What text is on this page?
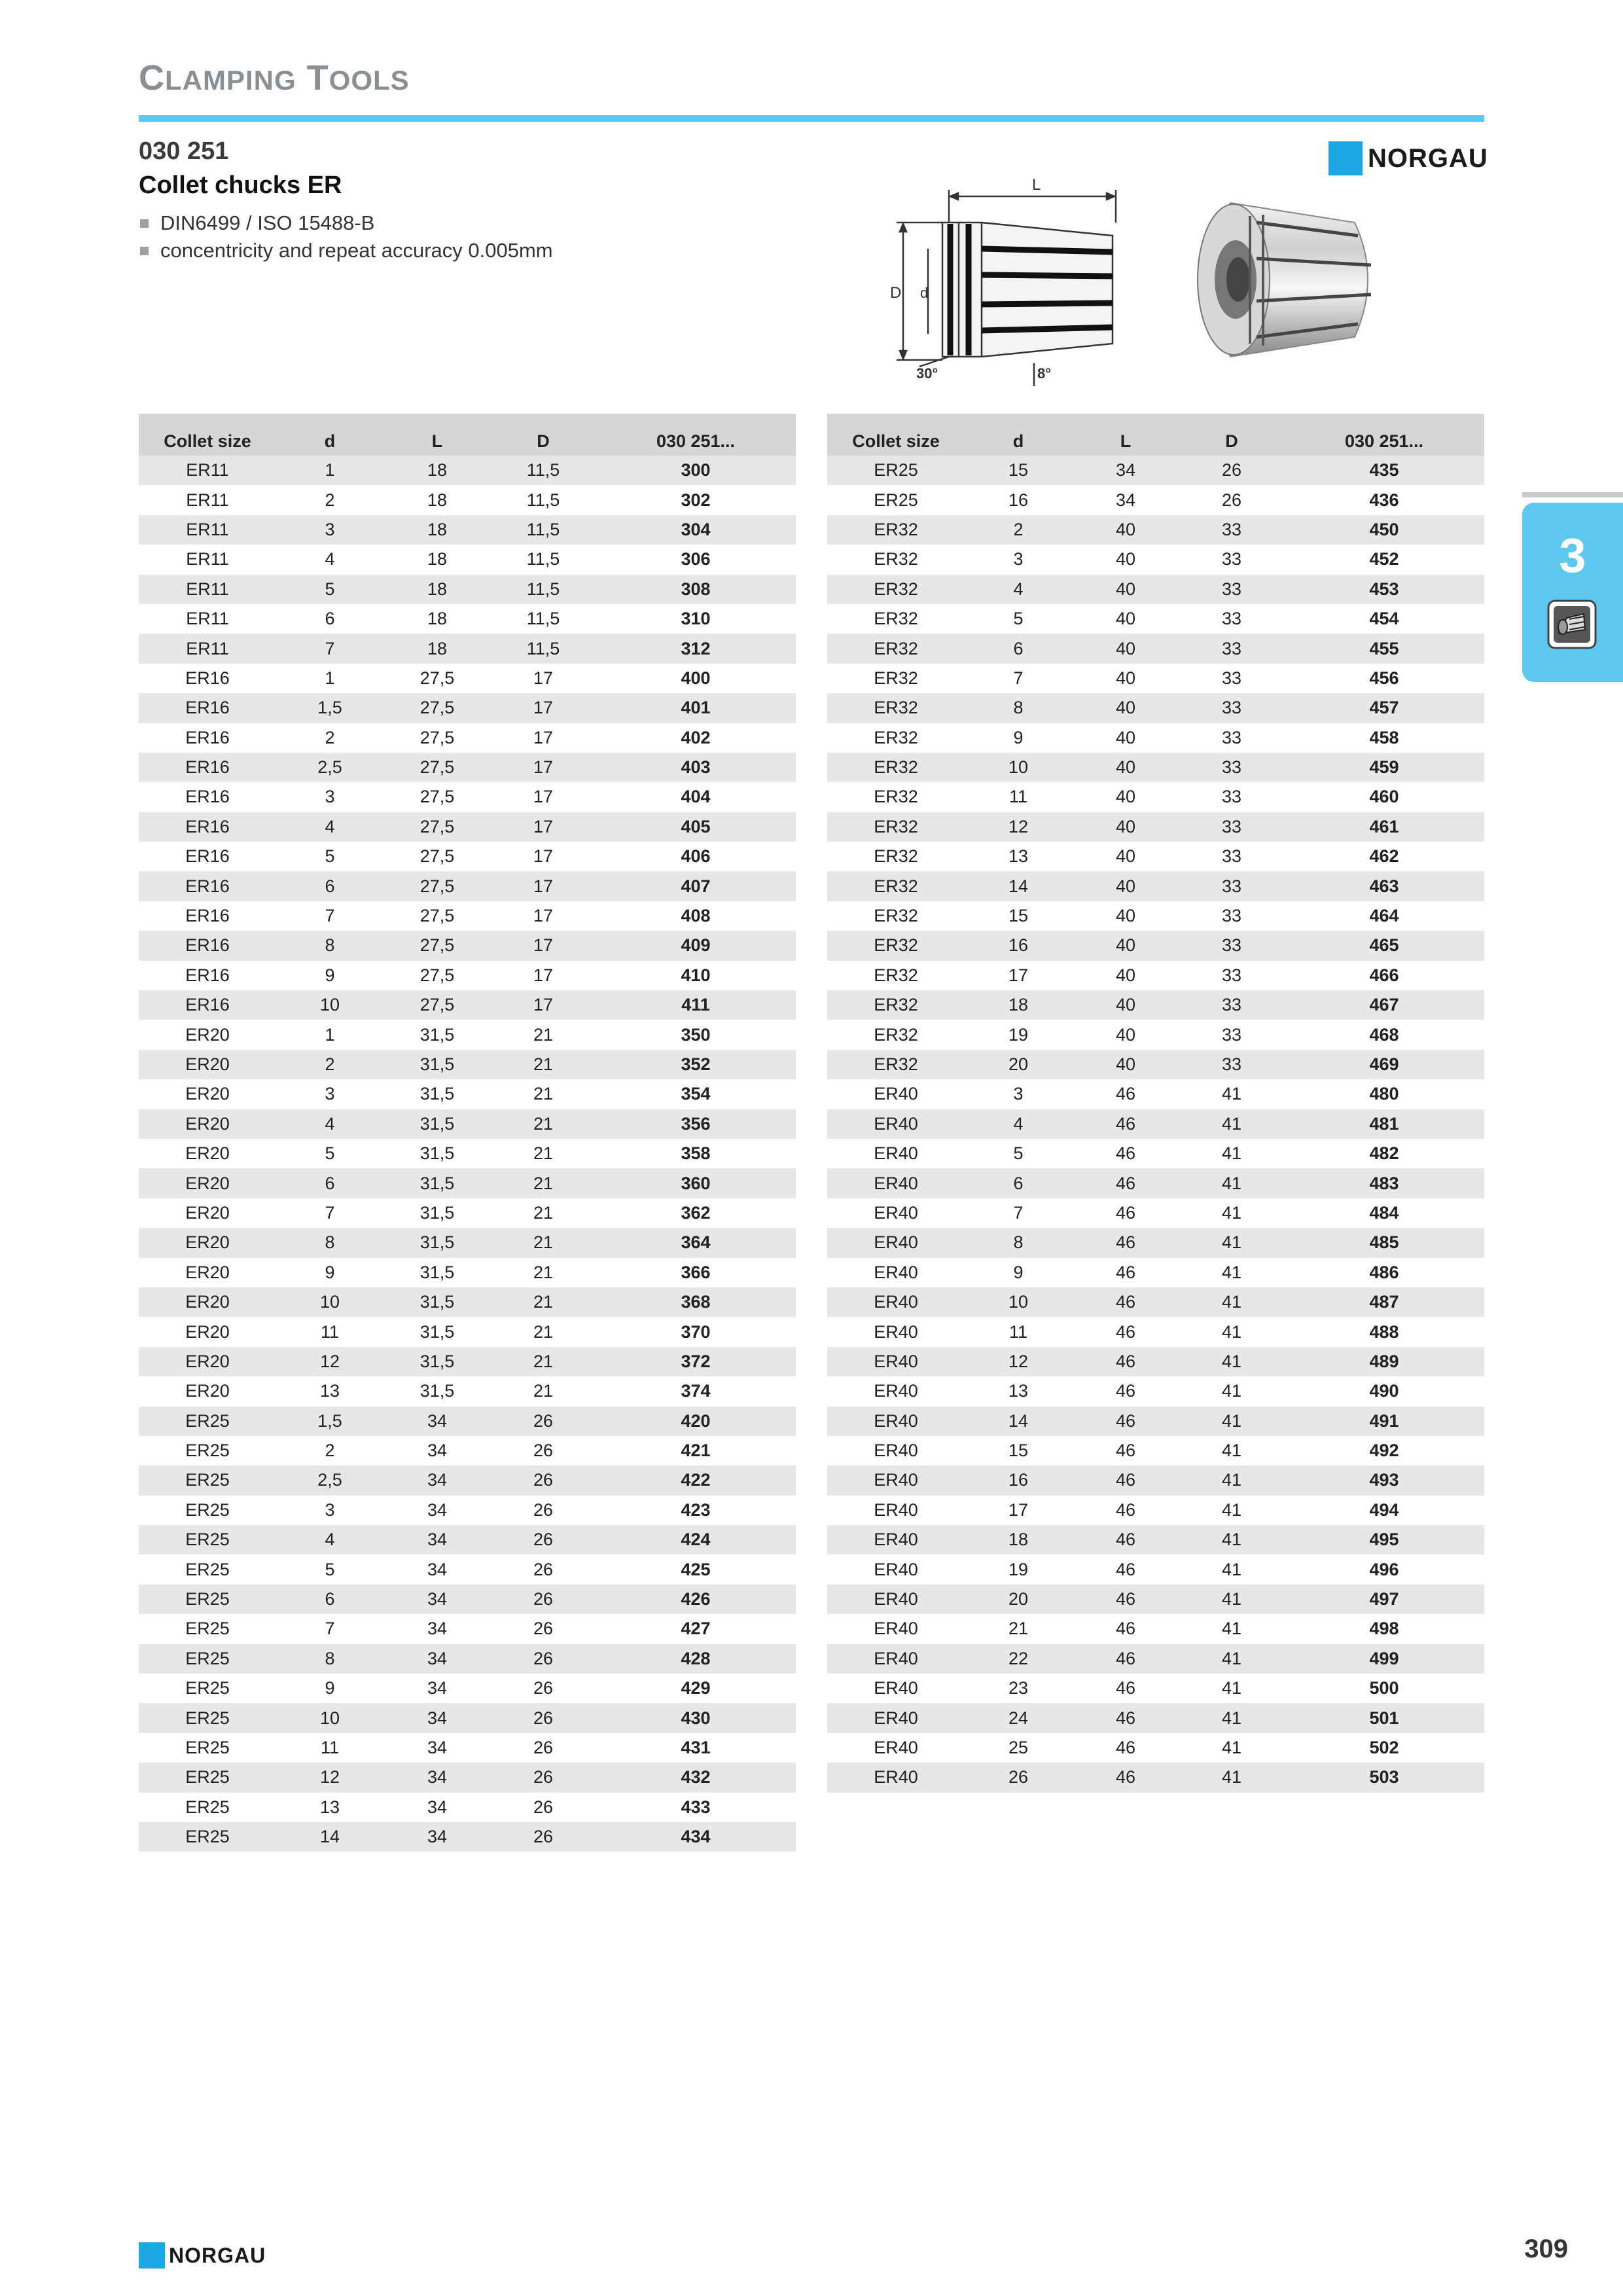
CLAMPING TOOLS
030 251
Collet chucks ER
DIN6499 / ISO 15488-B
concentricity and repeat accuracy 0.005mm
NORGAU
L
D d
30°	8°
Collet size	d	L	D	030 251...
ER11	1	18	11,5	300
ER11	2	18	11,5	302
ER11	3	18	11,5	304
ER11	4	18	11,5	306
ER11	5	18	11,5	308
ER11	6	18	11,5	310
ER11	7	18	11,5	312
ER16	1	27,5	17	400
ER16	1,5	27,5	17	401
ER16	2	27,5	17	402
ER16	2,5	27,5	17	403
ER16	3	27,5	17	404
ER16	4	27,5	17	405
ER16	5	27,5	17	406
ER16	6	27,5	17	407
ER16	7	27,5	17	408
ER16	8	27,5	17	409
ER16	9	27,5	17	410
ER16	10	27,5	17	411
ER20	1	31,5	21	350
ER20	2	31,5	21	352
ER20	3	31,5	21	354
ER20	4	31,5	21	356
ER20	5	31,5	21	358
ER20	6	31,5	21	360
ER20	7	31,5	21	362
ER20	8	31,5	21	364
ER20	9	31,5	21	366
ER20	10	31,5	21	368
ER20	11	31,5	21	370
ER20	12	31,5	21	372
ER20	13	31,5	21	374
ER25	1,5	34	26	420
ER25	2	34	26	421
ER25	2,5	34	26	422
ER25	3	34	26	423
ER25	4	34	26	424
ER25	5	34	26	425
ER25	6	34	26	426
ER25	7	34	26	427
ER25	8	34	26	428
ER25	9	34	26	429
ER25	10	34	26	430
ER25	11	34	26	431
ER25	12	34	26	432
ER25	13	34	26	433
ER25	14	34	26	434
Collet size	d	L	D	030 251...
ER25	15	34	26	435
ER25	16	34	26	436
ER32	2	40	33	450
ER32	3	40	33	452
ER32	4	40	33	453
ER32	5	40	33	454
ER32	6	40	33	455
ER32	7	40	33	456
ER32	8	40	33	457
ER32	9	40	33	458
ER32	10	40	33	459
ER32	11	40	33	460
ER32	12	40	33	461
ER32	13	40	33	462
ER32	14	40	33	463
ER32	15	40	33	464
ER32	16	40	33	465
ER32	17	40	33	466
ER32	18	40	33	467
ER32	19	40	33	468
ER32	20	40	33	469
ER40	3	46	41	480
ER40	4	46	41	481
ER40	5	46	41	482
ER40	6	46	41	483
ER40	7	46	41	484
ER40	8	46	41	485
ER40	9	46	41	486
ER40	10	46	41	487
ER40	11	46	41	488
ER40	12	46	41	489
ER40	13	46	41	490
ER40	14	46	41	491
ER40	15	46	41	492
ER40	16	46	41	493
ER40	17	46	41	494
ER40	18	46	41	495
ER40	19	46	41	496
ER40	20	46	41	497
ER40	21	46	41	498
ER40	22	46	41	499
ER40	23	46	41	500
ER40	24	46	41	501
ER40	25	46	41	502
ER40	26	46	41	503
3
NORGAU	309
